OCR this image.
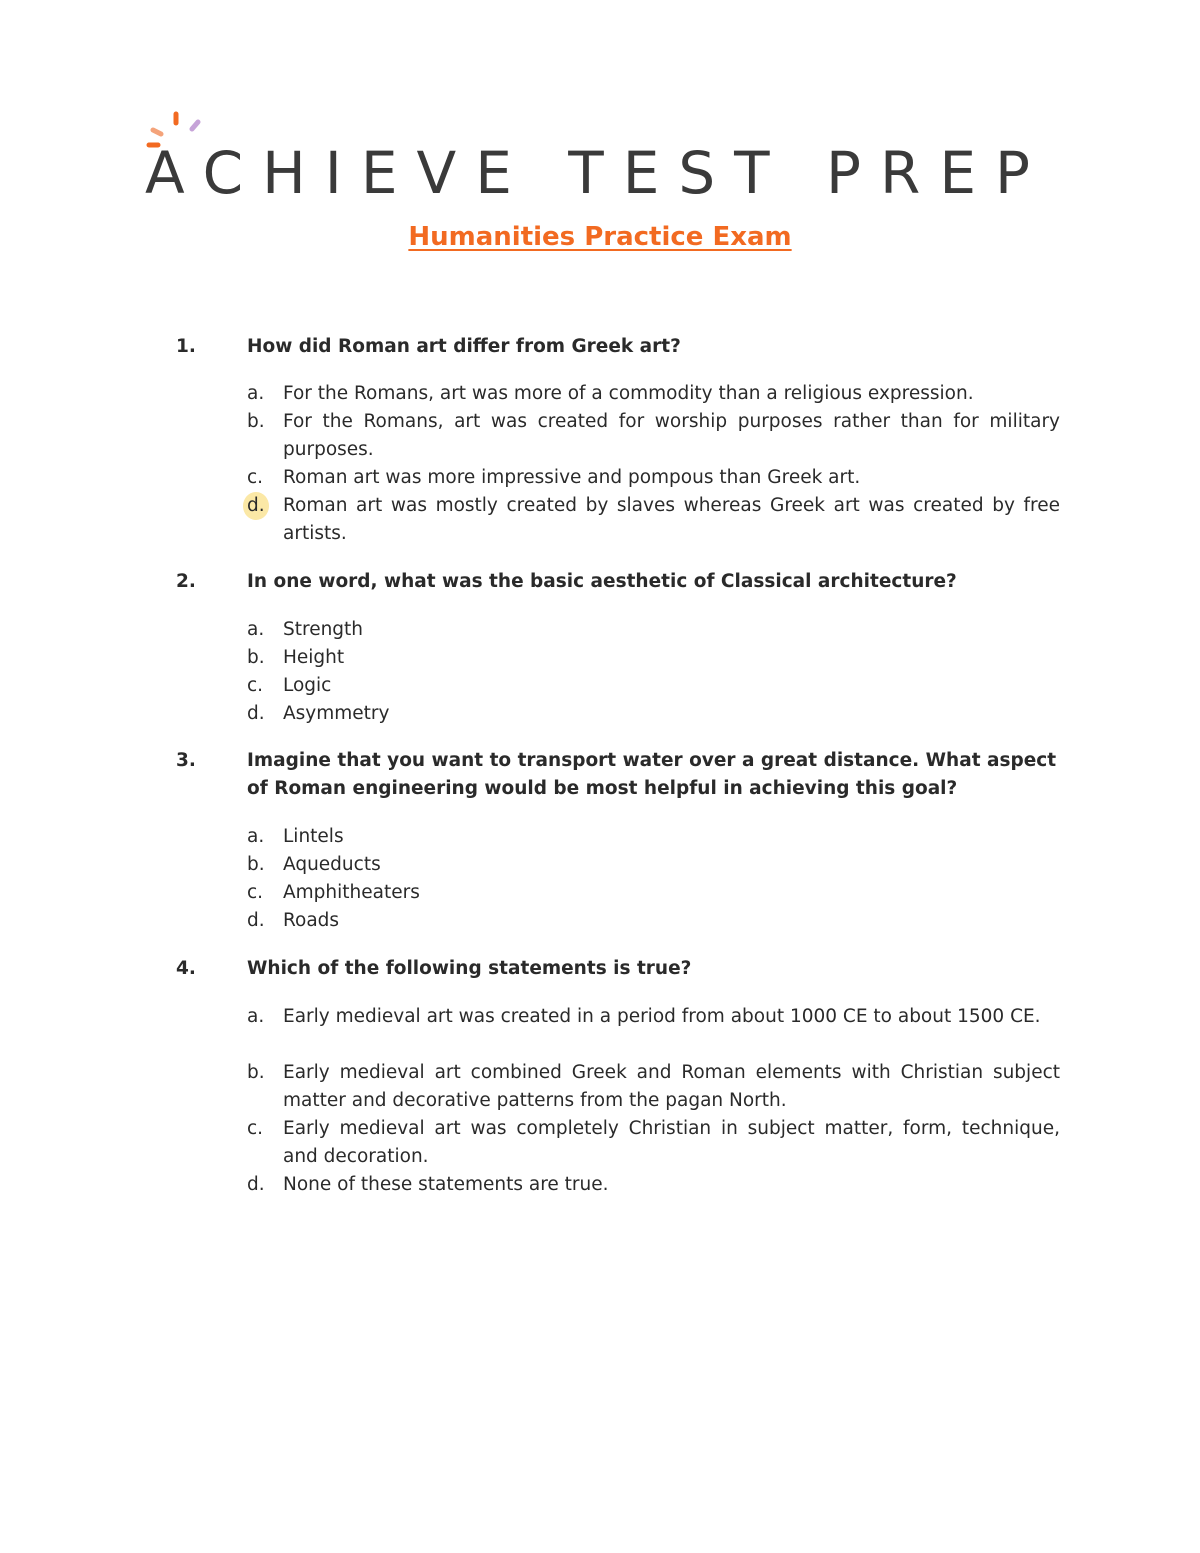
ACHIEVE TEST PREP
Humanities Practice Exam
1.	How did Roman art differ from Greek art?
a. For the Romans, art was more of a commodity than a religious expression.
b. For the Romans, art was created for worship purposes rather than for military purposes.
c. Roman art was more impressive and pompous than Greek art.
d. Roman art was mostly created by slaves whereas Greek art was created by free artists.
2.	In one word, what was the basic aesthetic of Classical architecture?
a. Strength
b. Height
c. Logic
d. Asymmetry
3.	Imagine that you want to transport water over a great distance. What aspect of Roman engineering would be most helpful in achieving this goal?
a. Lintels
b. Aqueducts
c. Amphitheaters
d. Roads
4.	Which of the following statements is true?
a. Early medieval art was created in a period from about 1000 CE to about 1500 CE.
b. Early medieval art combined Greek and Roman elements with Christian subject matter and decorative patterns from the pagan North.
c. Early medieval art was completely Christian in subject matter, form, technique, and decoration.
d. None of these statements are true.
